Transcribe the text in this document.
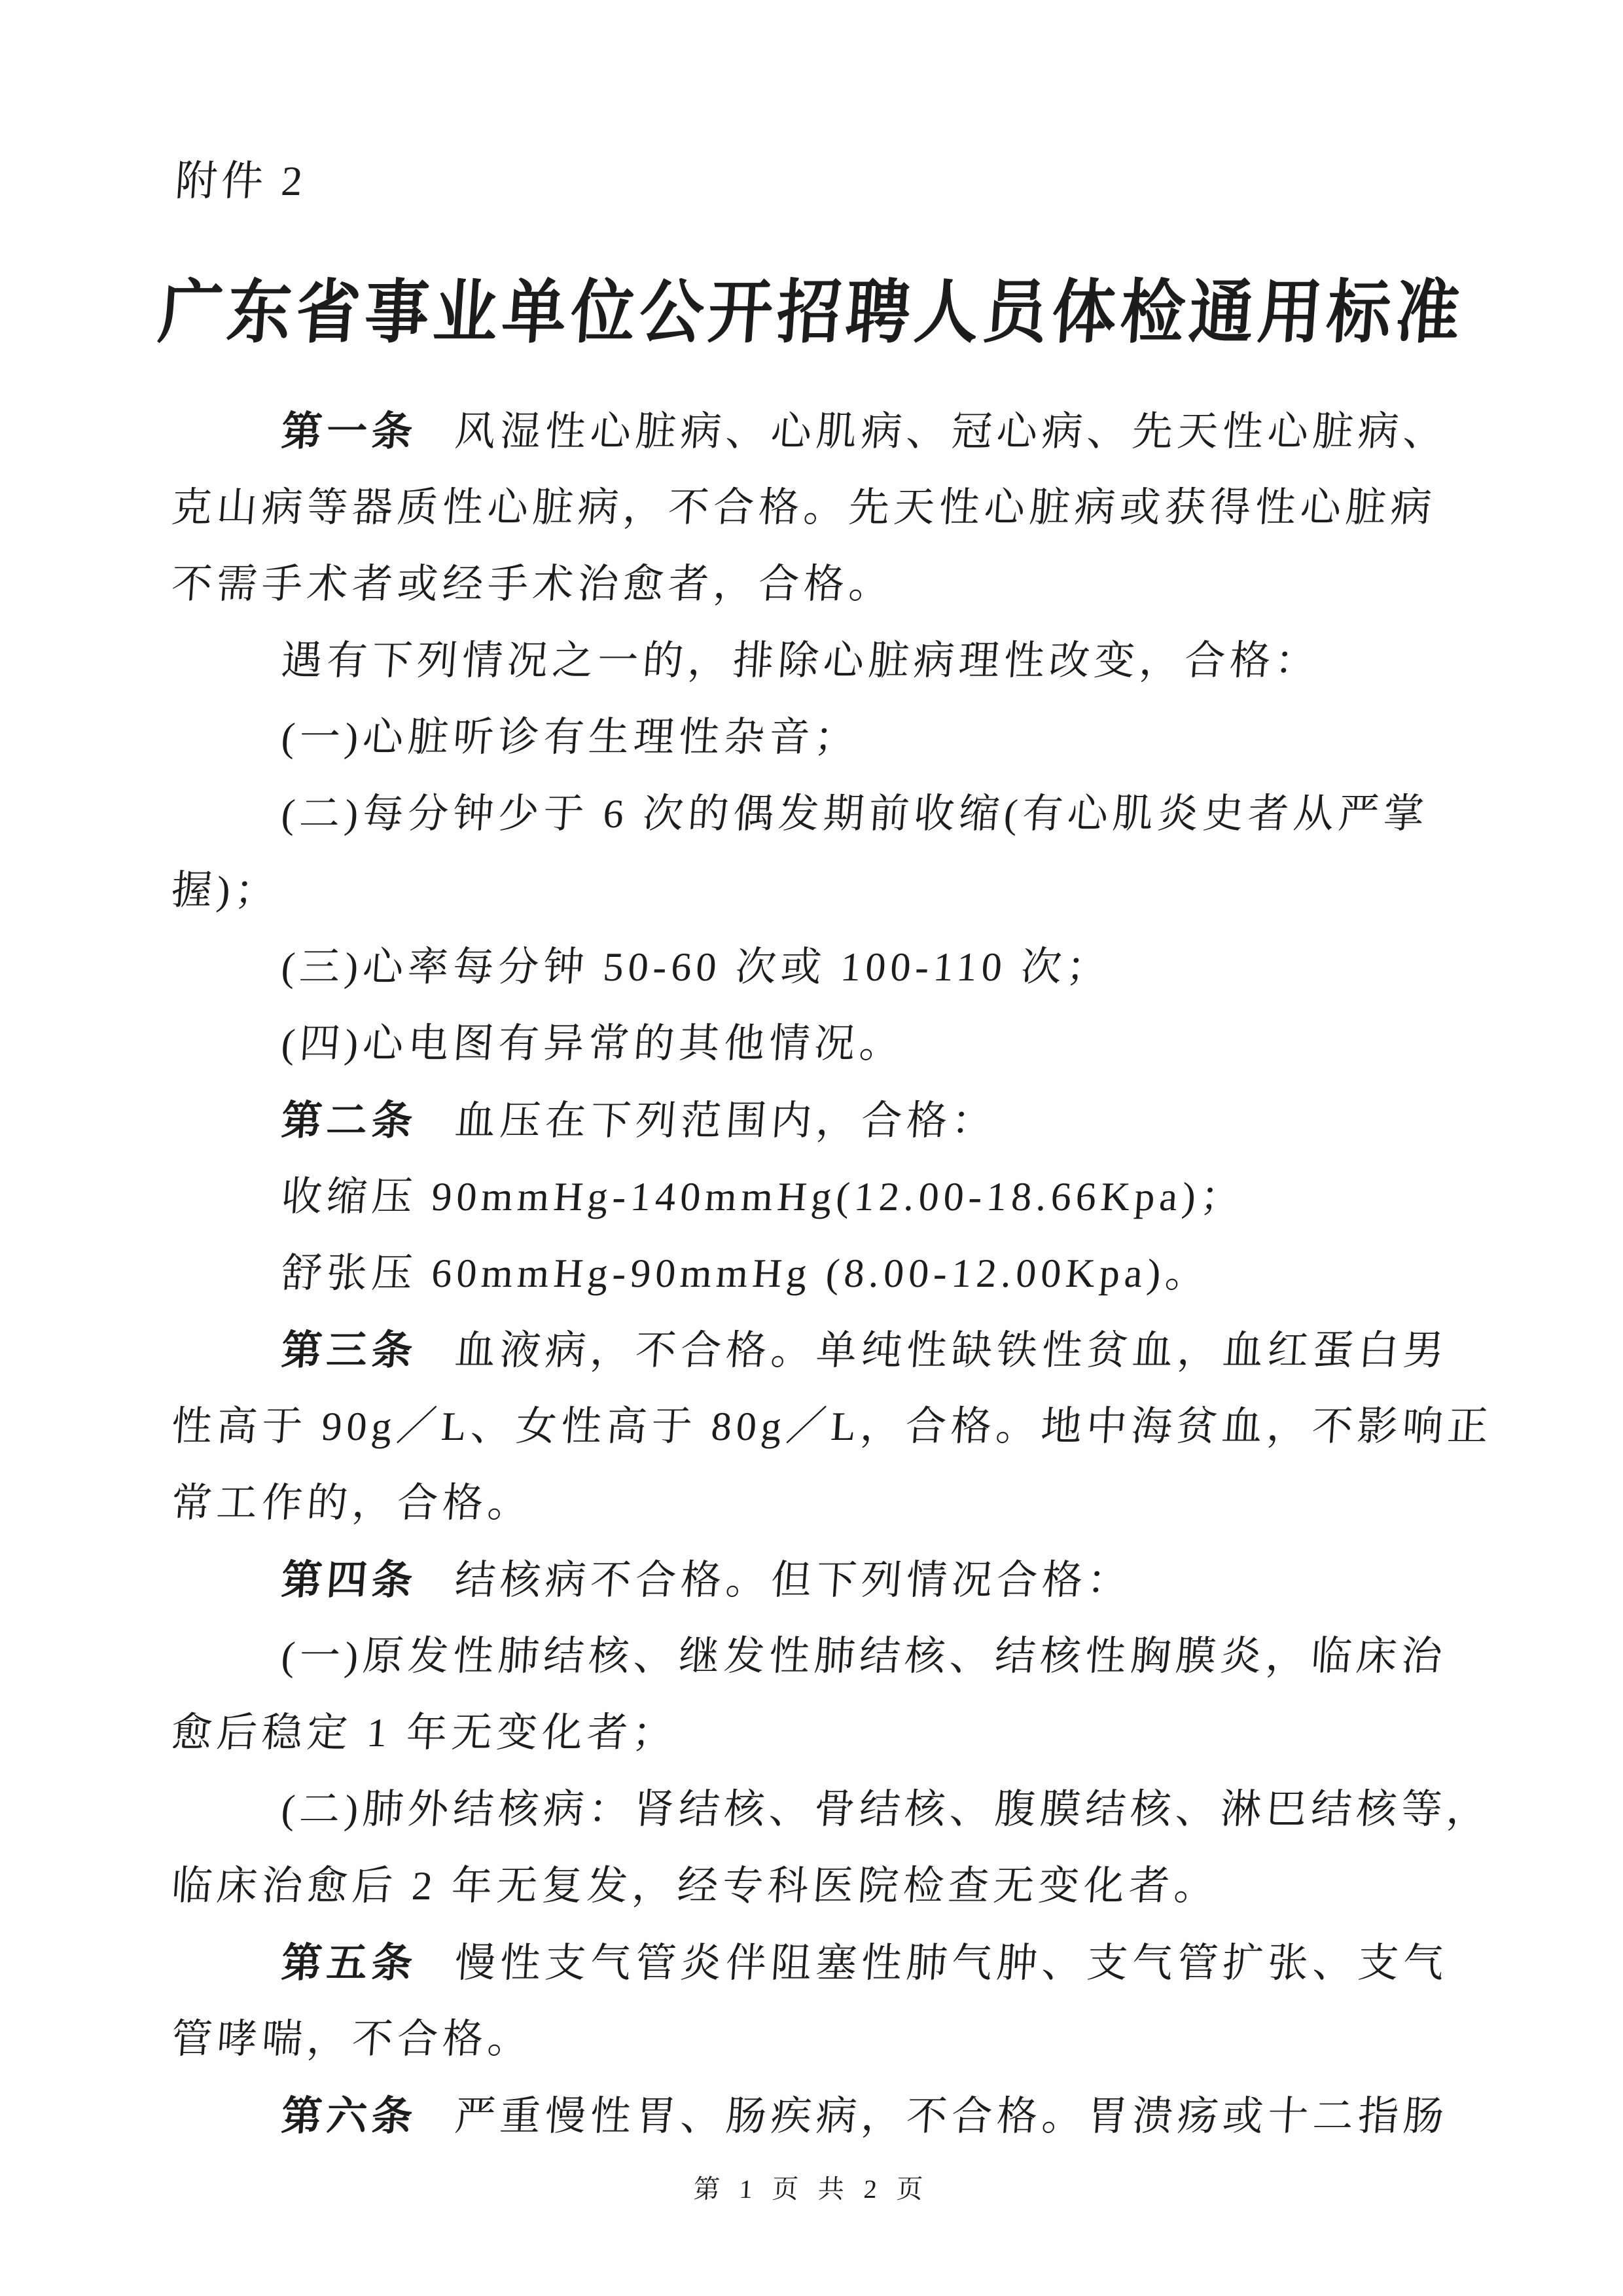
附件 2
广东省事业单位公开招聘人员体检通用标准
第一条 风湿性心脏病、心肌病、冠心病、先天性心脏病、
克山病等器质性心脏病，不合格。先天性心脏病或获得性心脏病
不需手术者或经手术治愈者，合格。
遇有下列情况之一的，排除心脏病理性改变，合格：
(一)心脏听诊有生理性杂音；
(二)每分钟少于 6 次的偶发期前收缩(有心肌炎史者从严掌
握)；
(三)心率每分钟 50-60 次或 100-110 次；
(四)心电图有异常的其他情况。
第二条 血压在下列范围内，合格：
收缩压 90mmHg-140mmHg(12.00-18.66Kpa)；
舒张压 60mmHg-90mmHg (8.00-12.00Kpa)。
第三条 血液病，不合格。单纯性缺铁性贫血，血红蛋白男
性高于 90g／L、女性高于 80g／L，合格。地中海贫血，不影响正
常工作的，合格。
第四条 结核病不合格。但下列情况合格：
(一)原发性肺结核、继发性肺结核、结核性胸膜炎，临床治
愈后稳定 1 年无变化者；
(二)肺外结核病：肾结核、骨结核、腹膜结核、淋巴结核等，
临床治愈后 2 年无复发，经专科医院检查无变化者。
第五条 慢性支气管炎伴阻塞性肺气肿、支气管扩张、支气
管哮喘，不合格。
第六条 严重慢性胃、肠疾病，不合格。胃溃疡或十二指肠
第 1 页 共 2 页
